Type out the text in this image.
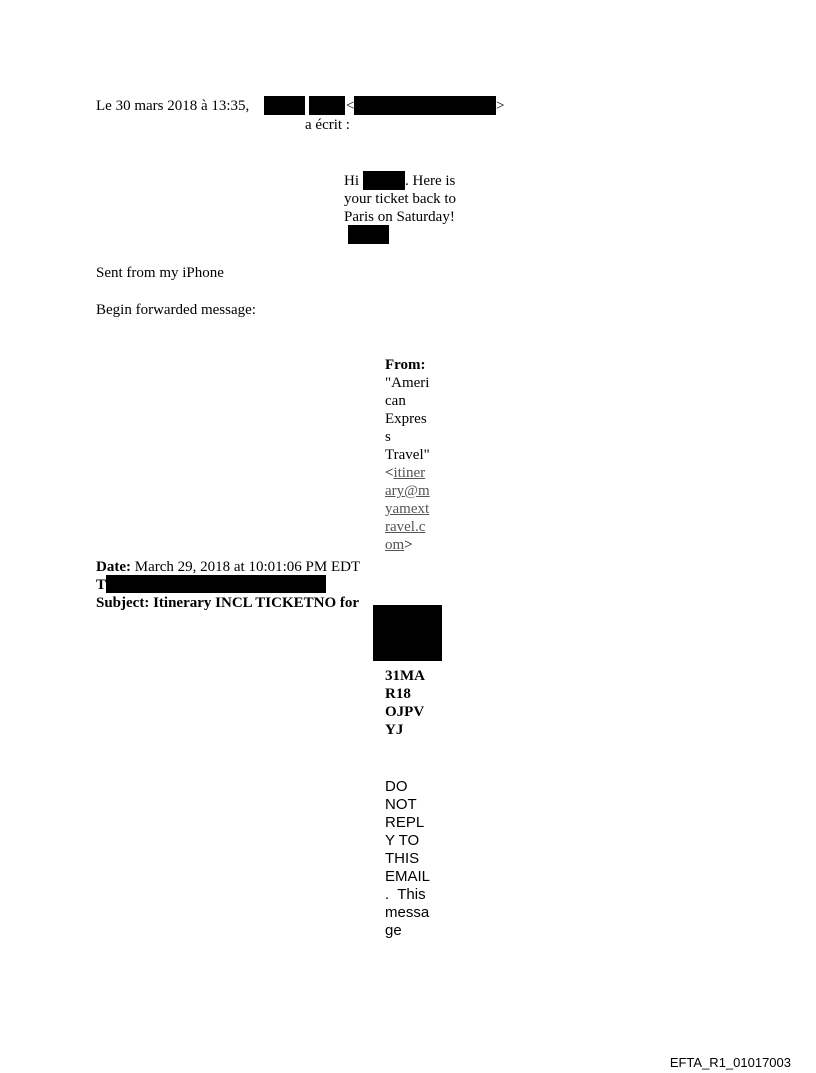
Le 30 mars 2018 à 13:35,	<	>
a écrit :
Hi	. Here is
your ticket back to
Paris on Saturday!
Sent from my iPhone
Begin forwarded message:
From:
"Ameri
can
Expres
s
Travel"
<itiner
ary@m
yamext
ravel.c
om>
Date: March 29, 2018 at 10:01:06 PM EDT
T
Subject: Itinerary INCL TICKETNO for
31MA
R18
OJPV
YJ
DO
NOT
REPL
Y TO
THIS
EMAIL
.  This
messa
ge
EFTA_R1_01017003
